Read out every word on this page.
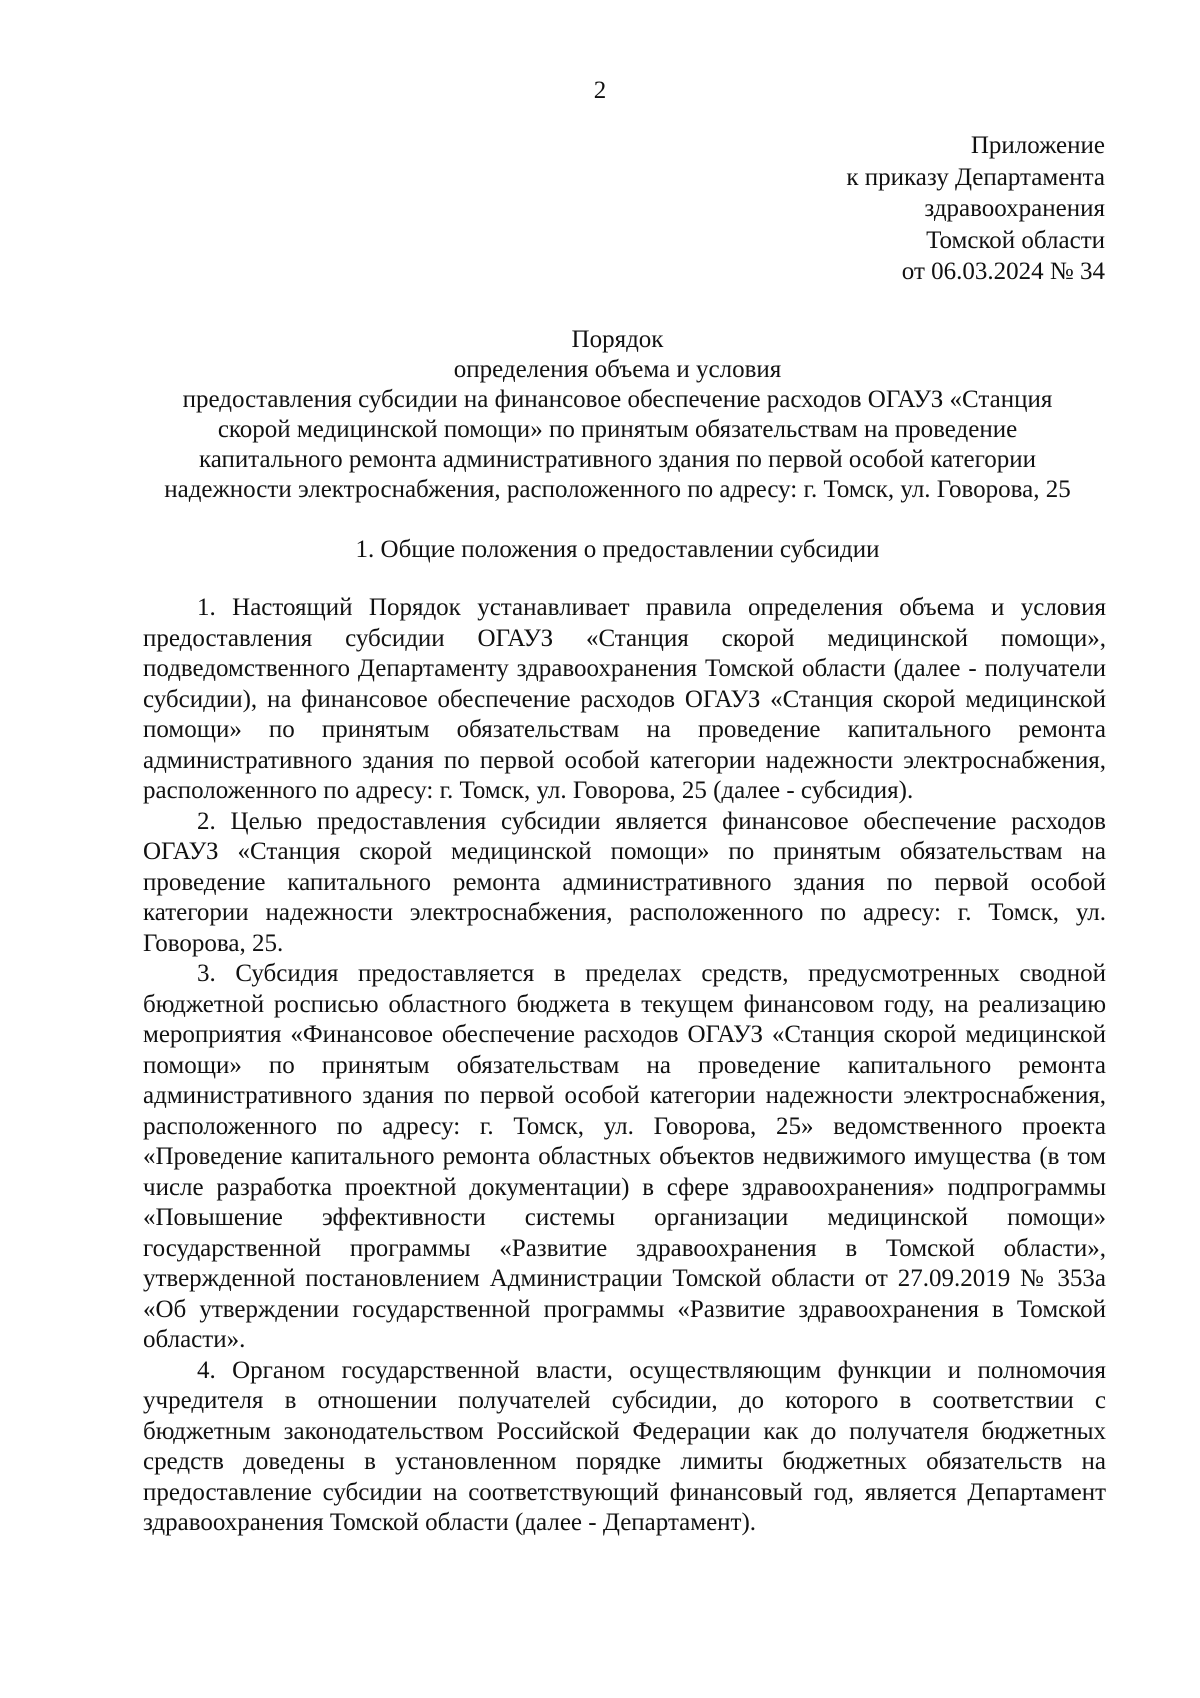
2
Приложение
к приказу Департамента
здравоохранения
Томской области
от 06.03.2024 № 34
Порядок
определения объема и условия
предоставления субсидии на финансовое обеспечение расходов ОГАУЗ «Станция
скорой медицинской помощи» по принятым обязательствам на проведение
капитального ремонта административного здания по первой особой категории
надежности электроснабжения, расположенного по адресу: г. Томск, ул. Говорова, 25
1. Общие положения о предоставлении субсидии

1. Настоящий Порядок устанавливает правила определения объема и условия предоставления субсидии ОГАУЗ «Станция скорой медицинской помощи», подведомственного Департаменту здравоохранения Томской области (далее - получатели субсидии), на финансовое обеспечение расходов ОГАУЗ «Станция скорой медицинской помощи» по принятым обязательствам на проведение капитального ремонта административного здания по первой особой категории надежности электроснабжения, расположенного по адресу: г. Томск, ул. Говорова, 25 (далее - субсидия).

2. Целью предоставления субсидии является финансовое обеспечение расходов ОГАУЗ «Станция скорой медицинской помощи» по принятым обязательствам на проведение капитального ремонта административного здания по первой особой категории надежности электроснабжения, расположенного по адресу: г. Томск, ул. Говорова, 25.

3. Субсидия предоставляется в пределах средств, предусмотренных сводной бюджетной росписью областного бюджета в текущем финансовом году, на реализацию мероприятия «Финансовое обеспечение расходов ОГАУЗ «Станция скорой медицинской помощи» по принятым обязательствам на проведение капитального ремонта административного здания по первой особой категории надежности электроснабжения, расположенного по адресу: г. Томск, ул. Говорова, 25» ведомственного проекта «Проведение капитального ремонта областных объектов недвижимого имущества (в том числе разработка проектной документации) в сфере здравоохранения» подпрограммы «Повышение эффективности системы организации медицинской помощи» государственной программы «Развитие здравоохранения в Томской области», утвержденной постановлением Администрации Томской области от 27.09.2019 № 353а «Об утверждении государственной программы «Развитие здравоохранения в Томской области».

4. Органом государственной власти, осуществляющим функции и полномочия учредителя в отношении получателей субсидии, до которого в соответствии с бюджетным законодательством Российской Федерации как до получателя бюджетных средств доведены в установленном порядке лимиты бюджетных обязательств на предоставление субсидии на соответствующий финансовый год, является Департамент здравоохранения Томской области (далее - Департамент).
